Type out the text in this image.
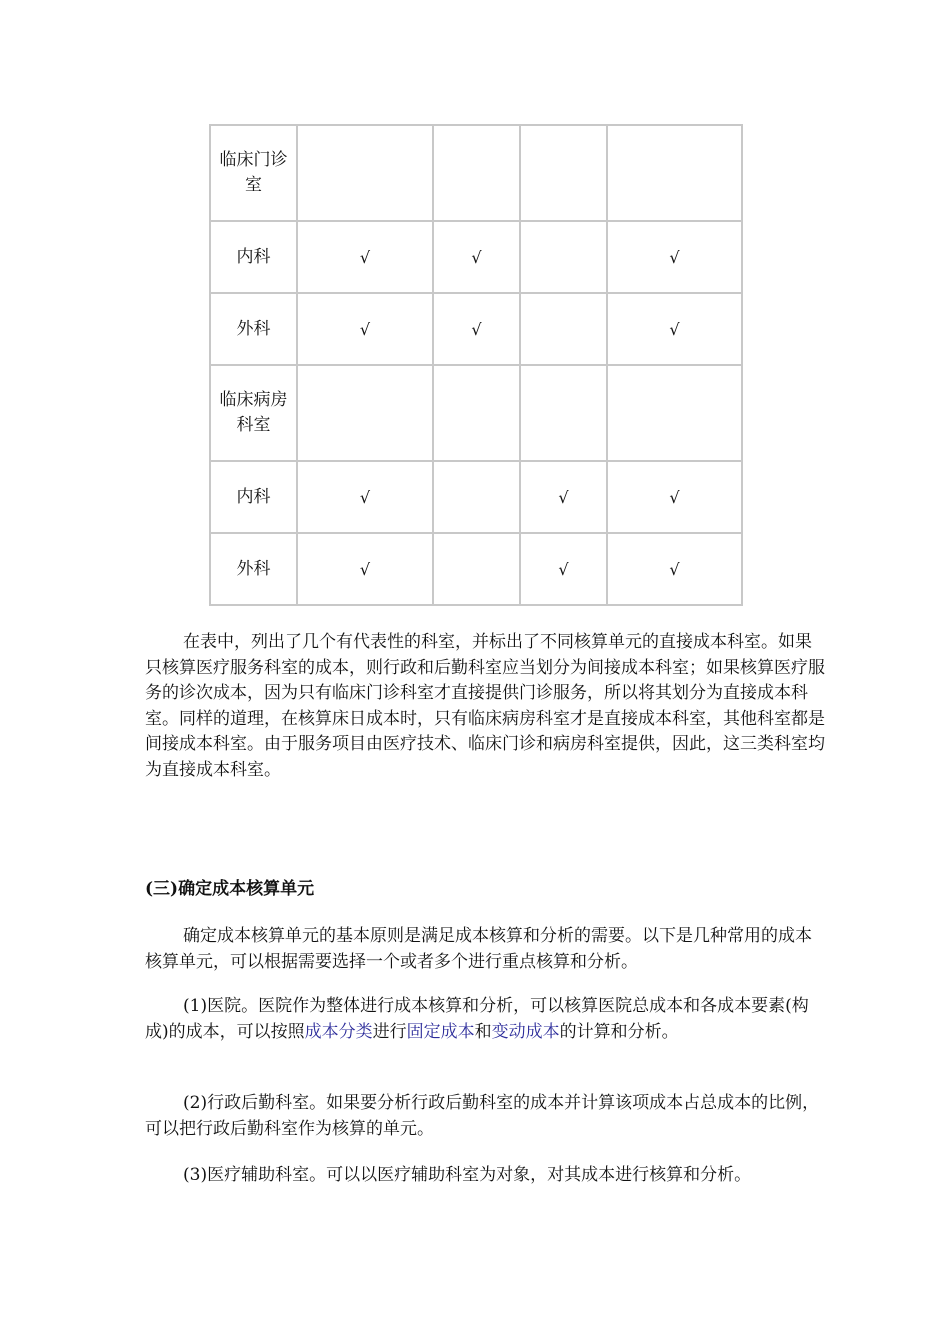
临床门诊室				
内科	√	√		√
外科	√	√		√
临床病房科室				
内科	√		√	√
外科	√		√	√

在表中，列出了几个有代表性的科室，并标出了不同核算单元的直接成本科室。如果只核算医疗服务科室的成本，则行政和后勤科室应当划分为间接成本科室；如果核算医疗服务的诊次成本，因为只有临床门诊科室才直接提供门诊服务，所以将其划分为直接成本科室。同样的道理，在核算床日成本时，只有临床病房科室才是直接成本科室，其他科室都是间接成本科室。由于服务项目由医疗技术、临床门诊和病房科室提供，因此，这三类科室均为直接成本科室。

(三)确定成本核算单元

确定成本核算单元的基本原则是满足成本核算和分析的需要。以下是几种常用的成本核算单元，可以根据需要选择一个或者多个进行重点核算和分析。

(1)医院。医院作为整体进行成本核算和分析，可以核算医院总成本和各成本要素(构成)的成本，可以按照成本分类进行固定成本和变动成本的计算和分析。

(2)行政后勤科室。如果要分析行政后勤科室的成本并计算该项成本占总成本的比例，可以把行政后勤科室作为核算的单元。

(3)医疗辅助科室。可以以医疗辅助科室为对象，对其成本进行核算和分析。
